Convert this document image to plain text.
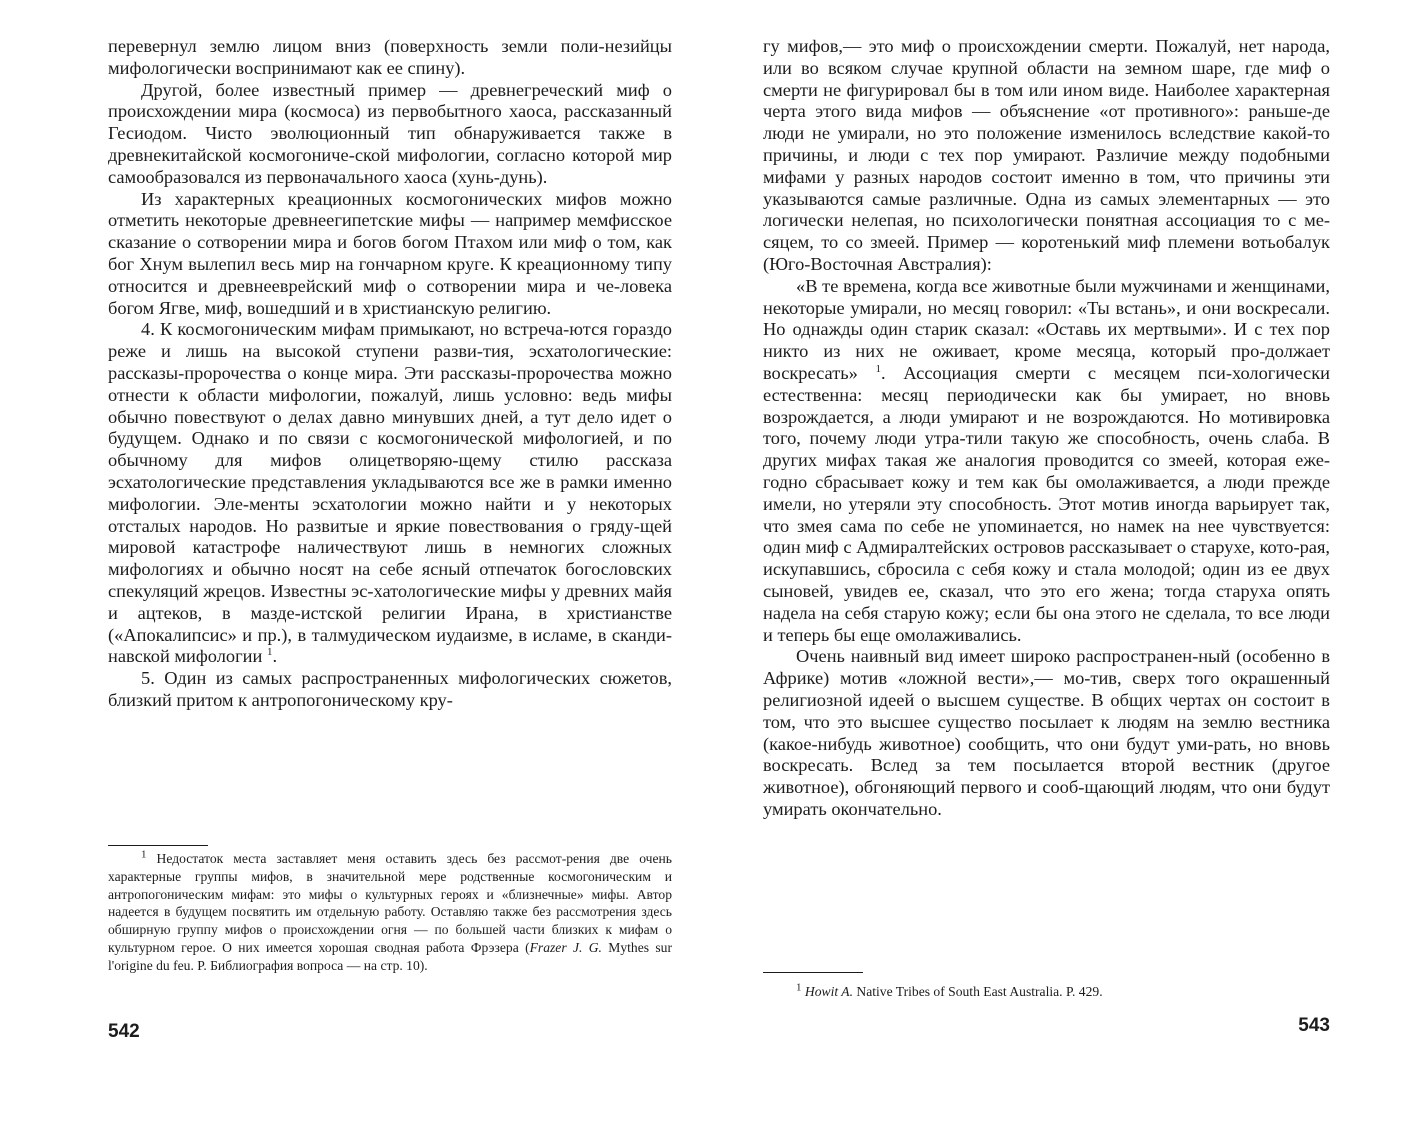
перевернул землю лицом вниз (поверхность земли поли-незийцы мифологически воспринимают как ее спину).

Другой, более известный пример — древнегреческий миф о происхождении мира (космоса) из первобытного хаоса, рассказанный Гесиодом. Чисто эволюционный тип обнаруживается также в древнекитайской космогониче-ской мифологии, согласно которой мир самообразовался из первоначального хаоса (хунь-дунь).

Из характерных креационных космогонических мифов можно отметить некоторые древнеегипетские мифы — например мемфисское сказание о сотворении мира и богов богом Птахом или миф о том, как бог Хнум вылепил весь мир на гончарном круге. К креационному типу относится и древнееврейский миф о сотворении мира и че-ловека богом Ягве, миф, вошедший и в христианскую религию.

4. К космогоническим мифам примыкают, но встреча-ются гораздо реже и лишь на высокой ступени разви-тия, эсхатологические: рассказы-пророчества о конце мира. Эти рассказы-пророчества можно отнести к области мифологии, пожалуй, лишь условно: ведь мифы обычно повествуют о делах давно минувших дней, а тут дело идет о будущем. Однако и по связи с космогонической мифологией, и по обычному для мифов олицетворяю-щему стилю рассказа эсхатологические представления укладываются все же в рамки именно мифологии. Эле-менты эсхатологии можно найти и у некоторых отсталых народов. Но развитые и яркие повествования о гряду-щей мировой катастрофе наличествуют лишь в немногих сложных мифологиях и обычно носят на себе ясный отпечаток богословских спекуляций жрецов. Известны эс-хатологические мифы у древних майя и ацтеков, в мазде-истской религии Ирана, в христианстве («Апокалипсис» и пр.), в талмудическом иудаизме, в исламе, в сканди-навской мифологии $^1$.

5. Один из самых распространенных мифологических сюжетов, близкий притом к антропогоническому кру-

$^1$ Недостаток места заставляет меня оставить здесь без рассмот-рения две очень характерные группы мифов, в значительной мере родственные космогоническим и антропогоническим мифам: это мифы о культурных героях и «близнечные» мифы. Автор надеется в будущем посвятить им отдельную работу. Оставляю также без рассмотрения здесь обширную группу мифов о происхождении огня — по большей части близких к мифам о культурном герое. О них имеется хорошая сводная работа Фрэзера (Frazer J. G. Mythes sur l'origine du feu. P. Библиография вопроса — на стр. 10).

542

гу мифов,— это миф о происхождении смерти. Пожалуй, нет народа, или во всяком случае крупной области на земном шаре, где миф о смерти не фигурировал бы в том или ином виде. Наиболее характерная черта этого вида мифов — объяснение «от противного»: раньше-де люди не умирали, но это положение изменилось вследствие какой-то причины, и люди с тех пор умирают. Различие между подобными мифами у разных народов состоит именно в том, что причины эти указываются самые различные. Одна из самых элементарных — это логически нелепая, но психологически понятная ассоциация то с ме-сяцем, то со змеей. Пример — коротенький миф племени вотьобалук (Юго-Восточная Австралия):

«В те времена, когда все животные были мужчинами и женщинами, некоторые умирали, но месяц говорил: «Ты встань», и они воскресали. Но однажды один старик сказал: «Оставь их мертвыми». И с тех пор никто из них не оживает, кроме месяца, который про-должает воскресать» $^1$. Ассоциация смерти с месяцем пси-хологически естественна: месяц периодически как бы умирает, но вновь возрождается, а люди умирают и не возрождаются. Но мотивировка того, почему люди утра-тили такую же способность, очень слаба. В других мифах такая же аналогия проводится со змеей, которая еже-годно сбрасывает кожу и тем как бы омолаживается, а люди прежде имели, но утеряли эту способность. Этот мотив иногда варьирует так, что змея сама по себе не упоминается, но намек на нее чувствуется: один миф с Адмиралтейских островов рассказывает о старухе, кото-рая, искупавшись, сбросила с себя кожу и стала молодой; один из ее двух сыновей, увидев ее, сказал, что это его жена; тогда старуха опять надела на себя старую кожу; если бы она этого не сделала, то все люди и теперь бы еще омолаживались.

Очень наивный вид имеет широко распространен-ный (особенно в Африке) мотив «ложной вести»,— мо-тив, сверх того окрашенный религиозной идеей о высшем существе. В общих чертах он состоит в том, что это высшее существо посылает к людям на землю вестника (какое-нибудь животное) сообщить, что они будут уми-рать, но вновь воскресать. Вслед за тем посылается второй вестник (другое животное), обгоняющий первого и сооб-щающий людям, что они будут умирать окончательно.

$^1$ Howit A. Native Tribes of South East Australia. P. 429.

543
